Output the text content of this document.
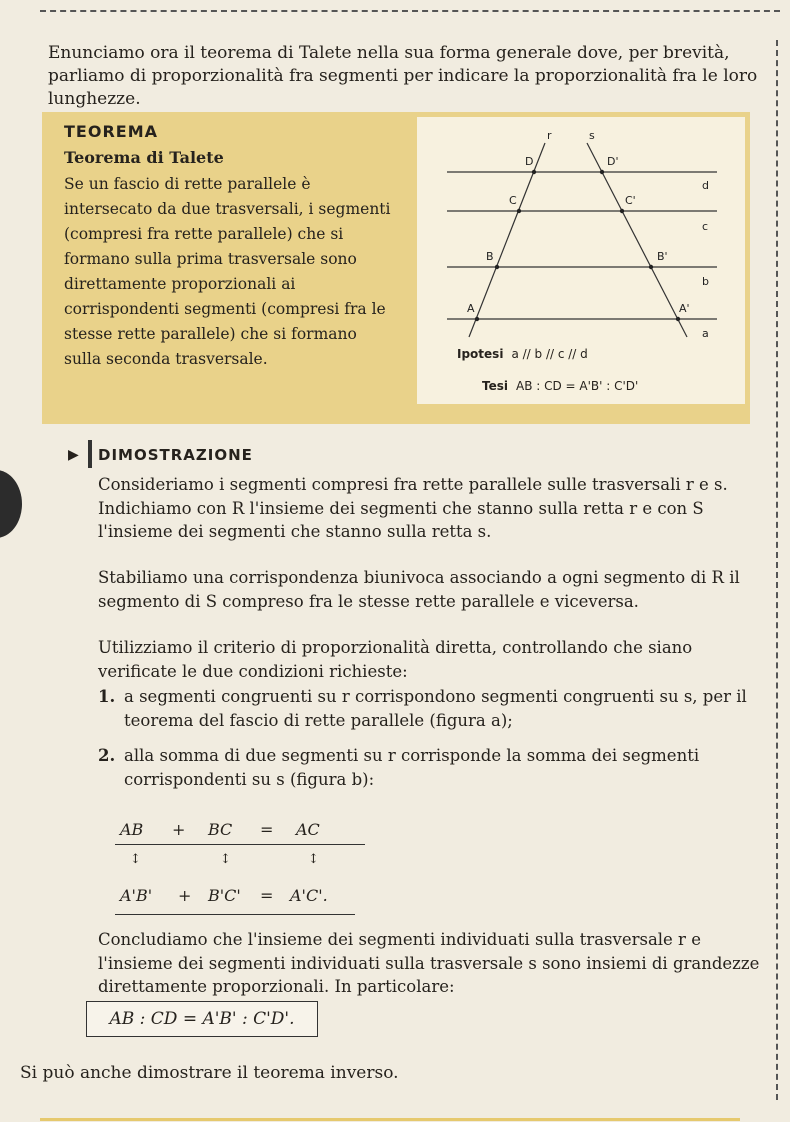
Enunciamo ora il teorema di Talete nella sua forma generale dove, per brevità, parliamo di proporzionalità fra segmenti per indicare la proporzionalità fra le loro lunghezze.
TEOREMA
Teorema di Talete
Se un fascio di rette parallele è intersecato da due trasversali, i segmenti (compresi fra rette parallele) che si formano sulla prima trasversale sono direttamente proporzionali ai corrispondenti segmenti (compresi fra le stesse rette parallele) che si formano sulla seconda trasversale.
r	s
D
C
B
A
D'
C'
B'
A'
d
c
b
a
Ipotesi a // b // c // d
Tesi AB : CD = A'B' : C'D'
▶ DIMOSTRAZIONE
Consideriamo i segmenti compresi fra rette parallele sulle trasversali r e s. Indichiamo con R l'insieme dei segmenti che stanno sulla retta r e con S l'insieme dei segmenti che stanno sulla retta s.
Stabiliamo una corrispondenza biunivoca associando a ogni segmento di R il segmento di S compreso fra le stesse rette parallele e viceversa.
Utilizziamo il criterio di proporzionalità diretta, controllando che siano verificate le due condizioni richieste:
1. a segmenti congruenti su r corrispondono segmenti congruenti su s, per il teorema del fascio di rette parallele (figura a);
2. alla somma di due segmenti su r corrisponde la somma dei segmenti corrispondenti su s (figura b):
AB + BC = AC
↕	↕	↕
A'B' + B'C' = A'C'.
Concludiamo che l'insieme dei segmenti individuati sulla trasversale r e l'insieme dei segmenti individuati sulla trasversale s sono insiemi di grandezze direttamente proporzionali. In particolare:
AB : CD = A'B' : C'D'.
Si può anche dimostrare il teorema inverso.
